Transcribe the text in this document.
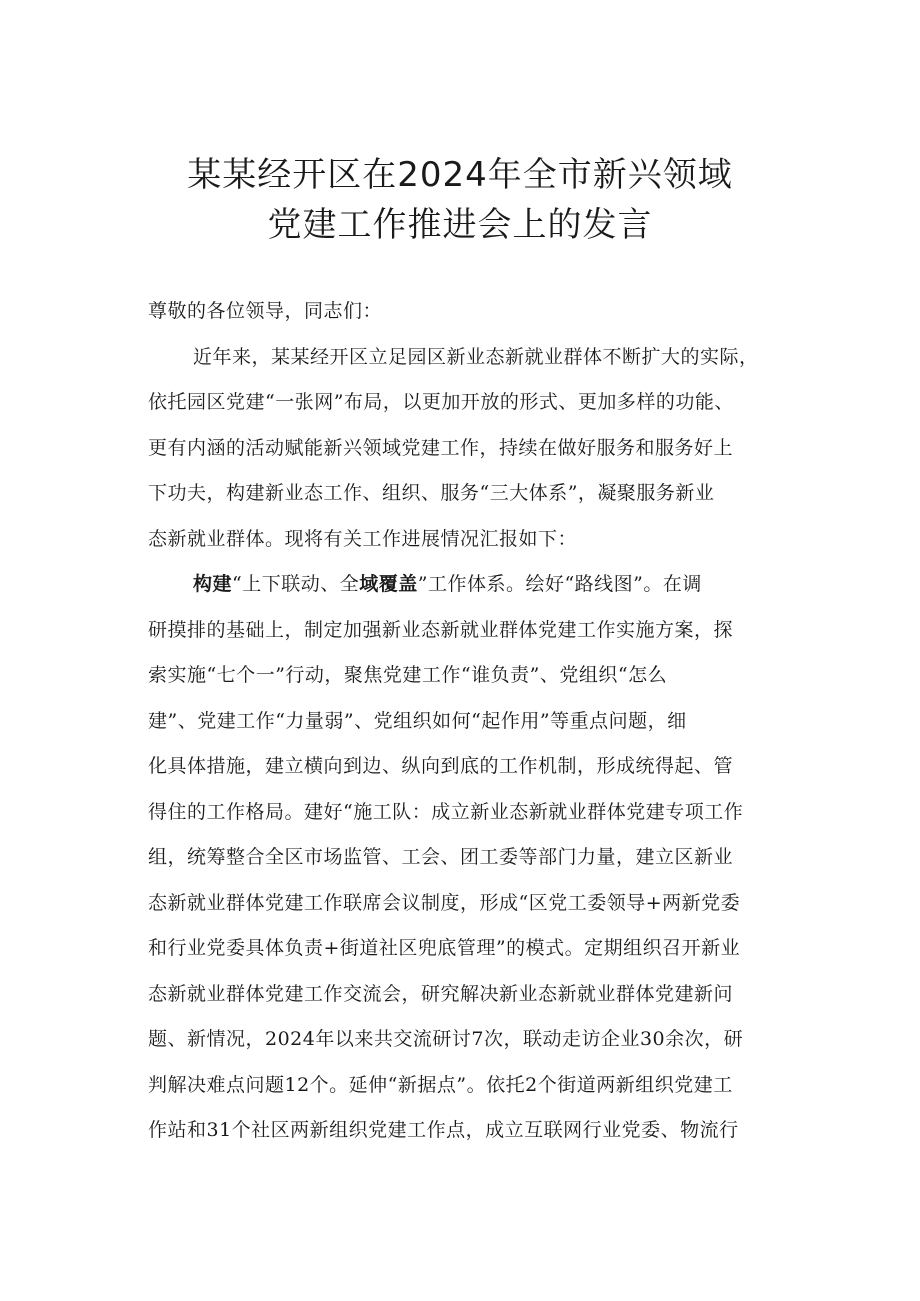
某某经开区在2024年全市新兴领域
党建工作推进会上的发言
尊敬的各位领导，同志们：
近年来，某某经开区立足园区新业态新就业群体不断扩大的实际，
依托园区党建“一张网”布局，以更加开放的形式、更加多样的功能、
更有内涵的活动赋能新兴领域党建工作，持续在做好服务和服务好上
下功夫，构建新业态工作、组织、服务“三大体系”，凝聚服务新业
态新就业群体。现将有关工作进展情况汇报如下：
构建“上下联动、全域覆盖”工作体系。绘好“路线图”。在调
研摸排的基础上，制定加强新业态新就业群体党建工作实施方案，探
索实施“七个一”行动，聚焦党建工作“谁负责”、党组织“怎么
建”、党建工作“力量弱”、党组织如何“起作用”等重点问题，细
化具体措施，建立横向到边、纵向到底的工作机制，形成统得起、管
得住的工作格局。建好“施工队：成立新业态新就业群体党建专项工作
组，统筹整合全区市场监管、工会、团工委等部门力量，建立区新业
态新就业群体党建工作联席会议制度，形成“区党工委领导+两新党委
和行业党委具体负责+街道社区兜底管理”的模式。定期组织召开新业
态新就业群体党建工作交流会，研究解决新业态新就业群体党建新问
题、新情况，2024年以来共交流研讨7次，联动走访企业30余次，研
判解决难点问题12个。延伸“新据点”。依托2个街道两新组织党建工
作站和31个社区两新组织党建工作点，成立互联网行业党委、物流行
